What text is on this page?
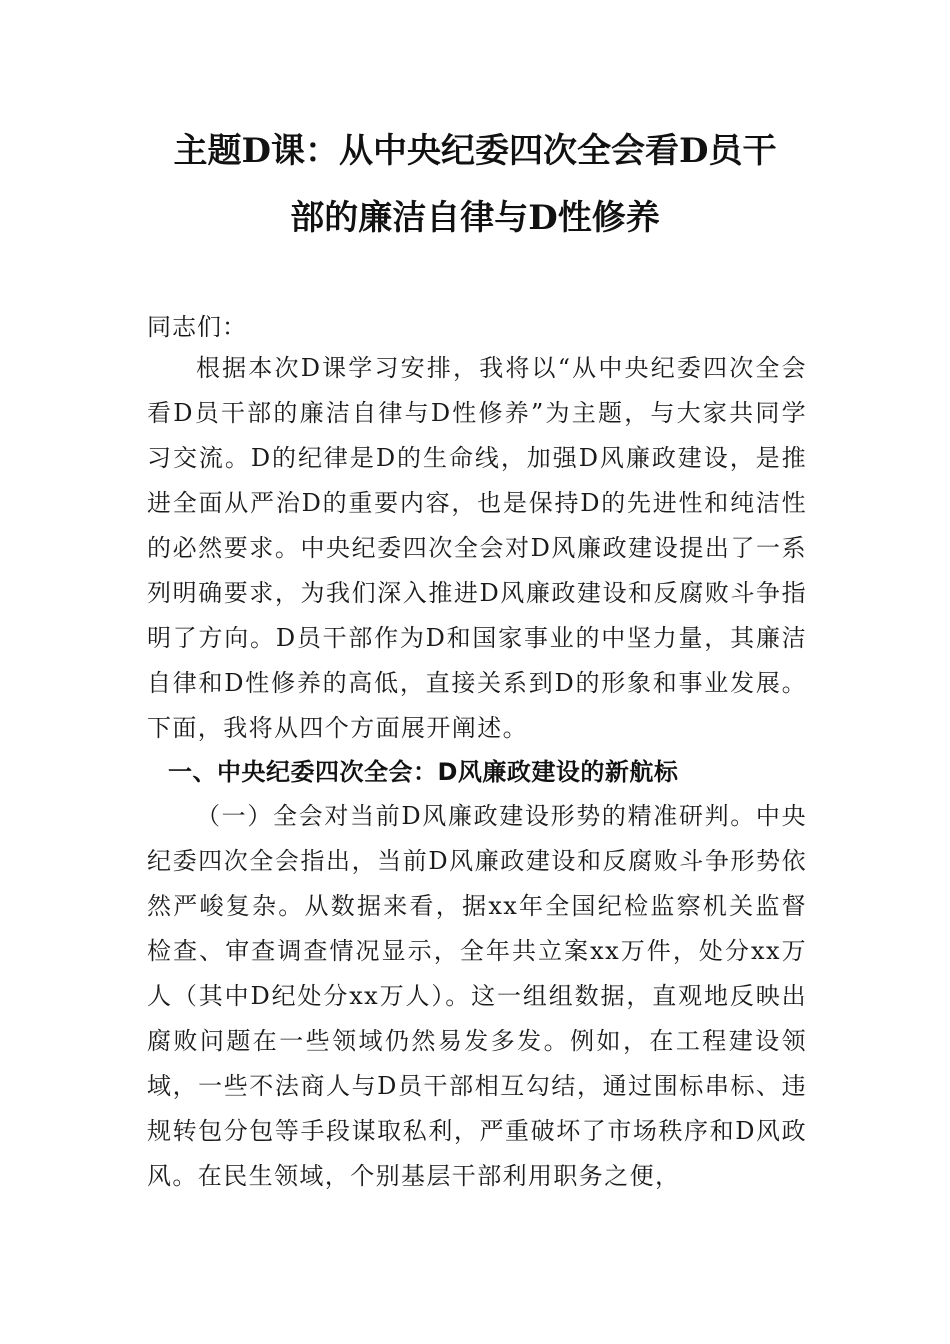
主题D课：从中央纪委四次全会看D员干
部的廉洁自律与D性修养
同志们：
根据本次D课学习安排，我将以“从中央纪委四次全会看D员干部的廉洁自律与D性修养”为主题，与大家共同学习交流。D的纪律是D的生命线，加强D风廉政建设，是推进全面从严治D的重要内容，也是保持D的先进性和纯洁性的必然要求。中央纪委四次全会对D风廉政建设提出了一系列明确要求，为我们深入推进D风廉政建设和反腐败斗争指明了方向。D员干部作为D和国家事业的中坚力量，其廉洁自律和D性修养的高低，直接关系到D的形象和事业发展。下面，我将从四个方面展开阐述。
一、中央纪委四次全会：D风廉政建设的新航标
（一）全会对当前D风廉政建设形势的精准研判。中央纪委四次全会指出，当前D风廉政建设和反腐败斗争形势依然严峻复杂。从数据来看，据xx年全国纪检监察机关监督检查、审查调查情况显示，全年共立案xx万件，处分xx万人（其中D纪处分xx万人）。这一组组数据，直观地反映出腐败问题在一些领域仍然易发多发。例如，在工程建设领域，一些不法商人与D员干部相互勾结，通过围标串标、违规转包分包等手段谋取私利，严重破坏了市场秩序和D风政风。在民生领域，个别基层干部利用职务之便，
